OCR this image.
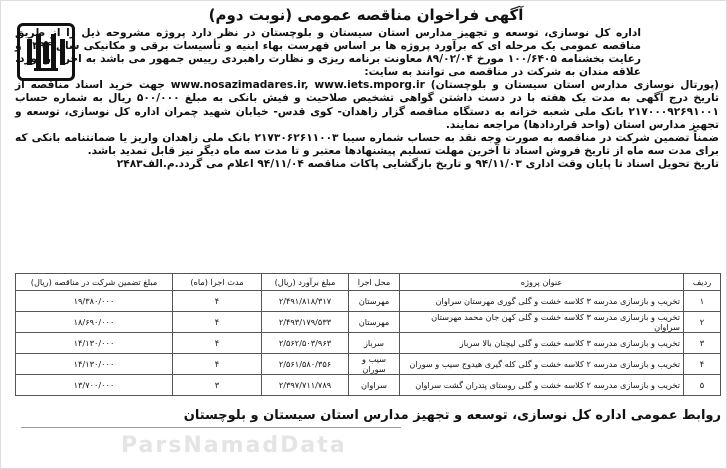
آگهی فراخوان مناقصه عمومی (نوبت دوم)

اداره کل نوسازی، توسعه و تجهیز مدارس استان سیستان و بلوچستان در نظر دارد پروژه مشروحه ذیل را از طریق مناقصه عمومی یک مرحله ای که برآورد پروژه ها بر اساس فهرست بهاء ابنیه و تأسیسات برقی و مکانیکی سال ۱۳۹۴ و رعایت بخشنامه ۱۰۰/۶۴۰۵ مورخ ۸۹/۰۲/۰۴ معاونت برنامه ریزی و نظارت راهبردی رییس جمهور می باشد به اجرا در آورد. علاقه مندان به شرکت در مناقصه می توانند به سایت:

(پورتال نوسازی مدارس استان سیستان و بلوچستان) www.nosazimadares.ir, www.iets.mporg.ir جهت خرید اسناد مناقصه از تاریخ درج آگهی به مدت یک هفته با در دست داشتن گواهی تشخیص صلاحیت و فیش بانکی به مبلغ ۵۰۰/۰۰۰ ریال به شماره حساب ۲۱۷۰۰۰۹۲۶۹۱۰۰۱ بانک ملی شعبه خزانه به دستگاه مناقصه گزار زاهدان- کوی قدس- خیابان شهید چمران اداره کل نوسازی، توسعه و تجهیز مدارس استان (واحد قراردادها) مراجعه نمایند.

ضمناً تضمین شرکت در مناقصه به صورت وجه نقد به حساب شماره سیبا ۲۱۷۳۰۶۲۶۱۱۰۰۳ بانک ملی زاهدان واریز یا ضمانتنامه بانکی که برای مدت سه ماه از تاریخ فروش اسناد تا آخرین مهلت تسلیم پیشنهادها معتبر و تا مدت سه ماه دیگر نیز قابل تمدید باشد.

تاریخ تحویل اسناد تا پایان وقت اداری ۹۴/۱۱/۰۳ و تاریخ بازگشایی پاکات مناقصه ۹۴/۱۱/۰۴ اعلام می گردد.م.الف۲۴۸۳

ردیف	عنوان پروژه	محل اجرا	مبلغ برآورد (ریال)	مدت اجرا (ماه)	مبلغ تضمین شرکت در مناقصه (ریال)
۱	تخریب و بازسازی مدرسه ۳ کلاسه خشت و گلی گوری مهرستان سراوان	مهرستان	۲/۴۹۱/۸۱۸/۳۱۷	۴	۱۹/۳۸۰/۰۰۰
۲	تخریب و بازسازی مدرسه ۳ کلاسه خشت و گلی کهن جان محمد مهرستان سراوان	مهرستان	۲/۴۹۳/۱۷۹/۵۳۳	۴	۱۸/۶۹۰/۰۰۰
۳	تخریب و بازسازی مدرسه ۳ کلاسه خشت و گلی لیچنان بالا سرباز	سرباز	۲/۵۶۲/۵۰۳/۹۶۳	۴	۱۴/۱۳۰/۰۰۰
۴	تخریب و بازسازی مدرسه ۲ کلاسه خشت و گلی کله گیری هیدوج سیب و سوران	سیب و سوران	۲/۵۶۱/۵۸۰/۳۵۶	۴	۱۴/۱۳۰/۰۰۰
۵	تخریب و بازسازی مدرسه ۲ کلاسه خشت و گلی روستای پتدران گشت سراوان	سراوان	۲/۳۹۷/۷۱۱/۷۸۹	۳	۱۳/۷۰۰/۰۰۰
روابط عمومی اداره کل نوسازی، توسعه و تجهیز مدارس استان سیستان و بلوچستان
ParsNamadData
